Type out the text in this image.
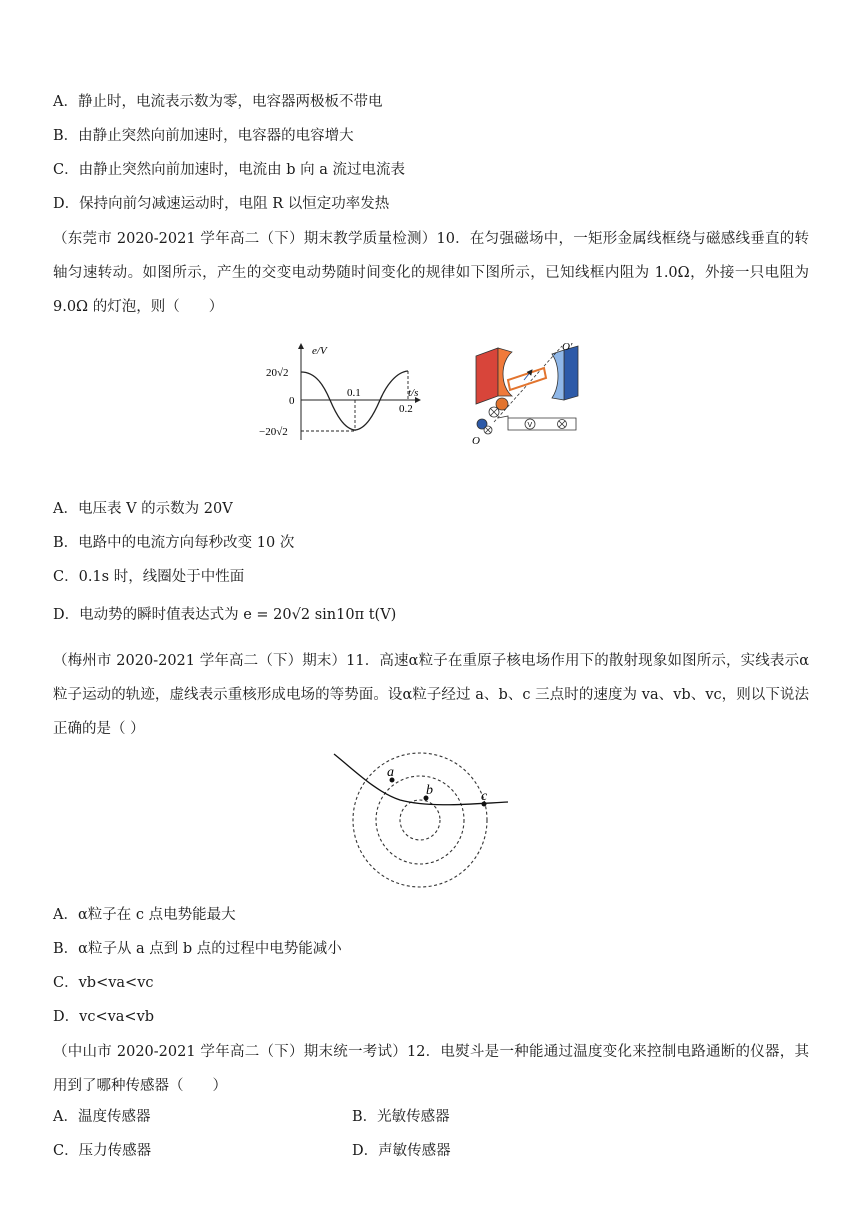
A．静止时，电流表示数为零，电容器两极板不带电
B．由静止突然向前加速时，电容器的电容增大
C．由静止突然向前加速时，电流由 b 向 a 流过电流表
D．保持向前匀减速运动时，电阻 R 以恒定功率发热
（东莞市 2020-2021 学年高二（下）期末教学质量检测）10．在匀强磁场中，一矩形金属线框绕与磁感线垂直的转轴匀速转动。如图所示，产生的交变电动势随时间变化的规律如下图所示，已知线框内阻为 1.0Ω，外接一只电阻为 9.0Ω 的灯泡，则（　　）
e/V
t/s
20√2
0
−20√2
0.1
0.2
V
O′
O
A．电压表 V 的示数为 20V
B．电路中的电流方向每秒改变 10 次
C．0.1s 时，线圈处于中性面
D．电动势的瞬时值表达式为 e = 20√2 sin10π t(V)
（梅州市 2020-2021 学年高二（下）期末）11．高速α粒子在重原子核电场作用下的散射现象如图所示，实线表示α粒子运动的轨迹，虚线表示重核形成电场的等势面。设α粒子经过 a、b、c 三点时的速度为 va、vb、vc，则以下说法正确的是（ ）
a
b	c
A．α粒子在 c 点电势能最大
B．α粒子从 a 点到 b 点的过程中电势能减小
C．vb<va<vc
D．vc<va<vb
（中山市 2020-2021 学年高二（下）期末统一考试）12．电熨斗是一种能通过温度变化来控制电路通断的仪器，其用到了哪种传感器（　　）
A．温度传感器	B．光敏传感器
C．压力传感器	D．声敏传感器
